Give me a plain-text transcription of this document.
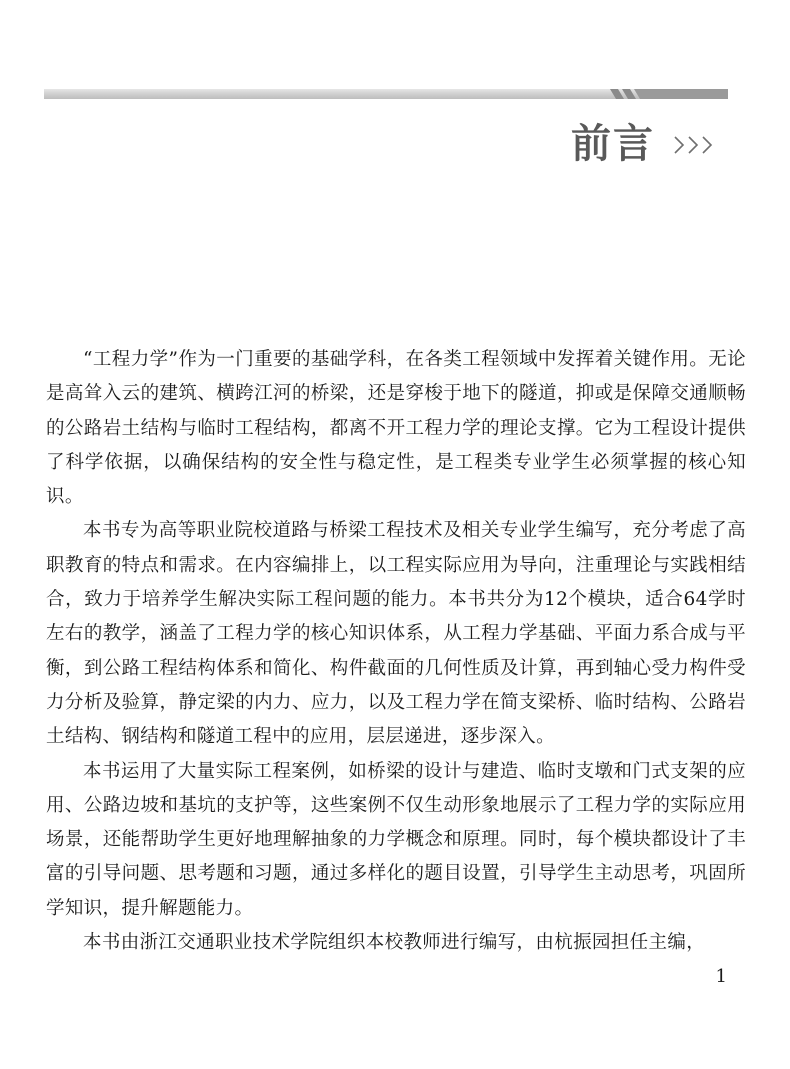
前言

“工程力学”作为一门重要的基础学科，在各类工程领域中发挥着关键作用。无论是高耸入云的建筑、横跨江河的桥梁，还是穿梭于地下的隧道，抑或是保障交通顺畅的公路岩土结构与临时工程结构，都离不开工程力学的理论支撑。它为工程设计提供了科学依据，以确保结构的安全性与稳定性，是工程类专业学生必须掌握的核心知识。

本书专为高等职业院校道路与桥梁工程技术及相关专业学生编写，充分考虑了高职教育的特点和需求。在内容编排上，以工程实际应用为导向，注重理论与实践相结合，致力于培养学生解决实际工程问题的能力。本书共分为12个模块，适合64学时左右的教学，涵盖了工程力学的核心知识体系，从工程力学基础、平面力系合成与平衡，到公路工程结构体系和简化、构件截面的几何性质及计算，再到轴心受力构件受力分析及验算，静定梁的内力、应力，以及工程力学在简支梁桥、临时结构、公路岩土结构、钢结构和隧道工程中的应用，层层递进，逐步深入。

本书运用了大量实际工程案例，如桥梁的设计与建造、临时支墩和门式支架的应用、公路边坡和基坑的支护等，这些案例不仅生动形象地展示了工程力学的实际应用场景，还能帮助学生更好地理解抽象的力学概念和原理。同时，每个模块都设计了丰富的引导问题、思考题和习题，通过多样化的题目设置，引导学生主动思考，巩固所学知识，提升解题能力。

本书由浙江交通职业技术学院组织本校教师进行编写，由杭振园担任主编，

1
